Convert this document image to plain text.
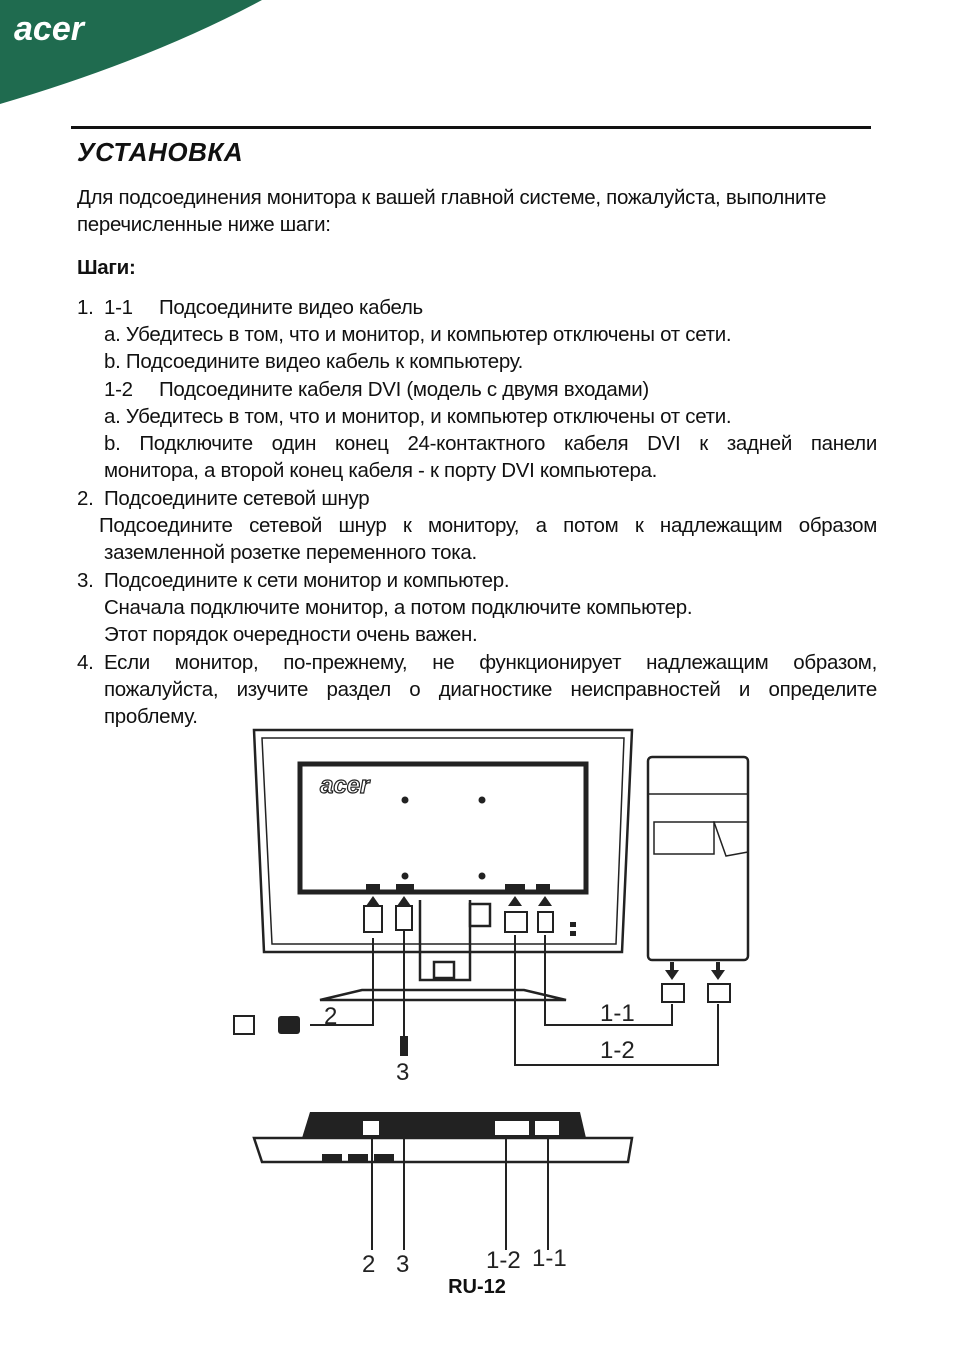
acer
УСТАНОВКА
Для подсоединения монитора к вашей главной системе, пожалуйста, выполните перечисленные ниже шаги:
Шаги:
1. 1-1 Подсоедините видео кабель
a. Убедитесь в том, что и монитор, и компьютер отключены от сети.
b. Подсоедините видео кабель к компьютеру.
1-2 Подсоедините кабеля DVI (модель с двумя входами)
a. Убедитесь в том, что и монитор, и компьютер отключены от сети.
b. Подключите один конец 24-контактного кабеля DVI к задней панели
монитора, а второй конец кабеля - к порту DVI компьютера.
2. Подсоедините сетевой шнур
Подсоедините сетевой шнур к монитору, а потом к надлежащим образом
заземленной розетке переменного тока.
3. Подсоедините к сети монитор и компьютер.
Сначала подключите монитор, а потом подключите компьютер.
Этот порядок очередности очень важен.
4. Если монитор, по-прежнему, не функционирует надлежащим образом,
пожалуйста, изучите раздел о диагностике неисправностей и определите
проблему.
acer
2
3
1-1
1-2
2 3	1-2 1-1
RU-12
